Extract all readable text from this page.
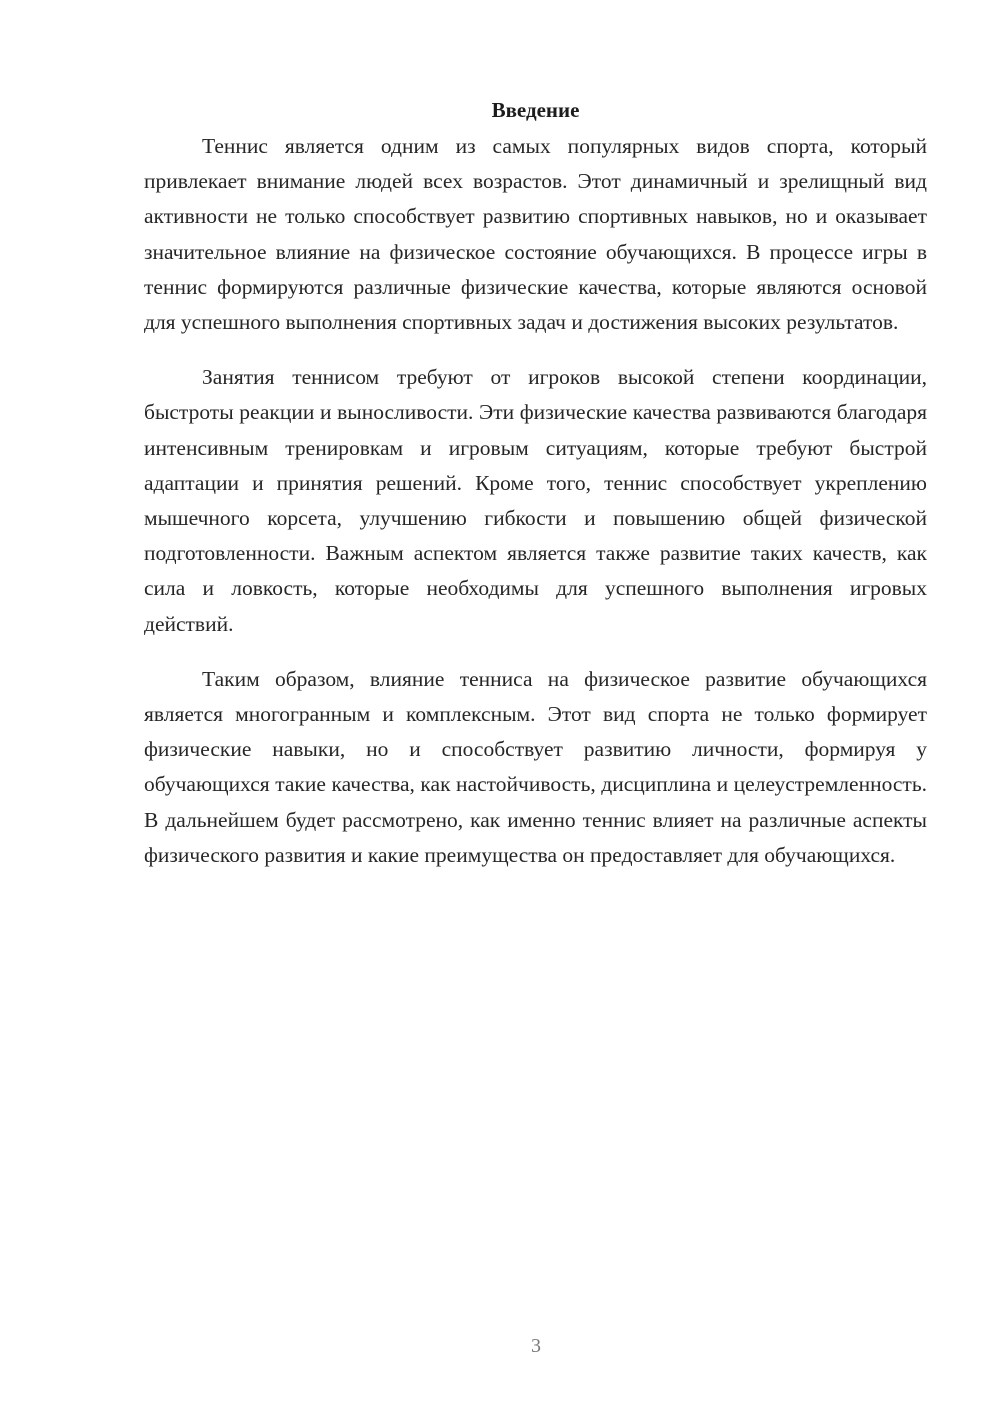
Введение

Теннис является одним из самых популярных видов спорта, который привлекает внимание людей всех возрастов. Этот динамичный и зрелищный вид активности не только способствует развитию спортивных навыков, но и оказывает значительное влияние на физическое состояние обучающихся. В процессе игры в теннис формируются различные физические качества, которые являются основой для успешного выполнения спортивных задач и достижения высоких результатов.

Занятия теннисом требуют от игроков высокой степени координации, быстроты реакции и выносливости. Эти физические качества развиваются благодаря интенсивным тренировкам и игровым ситуациям, которые требуют быстрой адаптации и принятия решений. Кроме того, теннис способствует укреплению мышечного корсета, улучшению гибкости и повышению общей физической подготовленности. Важным аспектом является также развитие таких качеств, как сила и ловкость, которые необходимы для успешного выполнения игровых действий.

Таким образом, влияние тенниса на физическое развитие обучающихся является многогранным и комплексным. Этот вид спорта не только формирует физические навыки, но и способствует развитию личности, формируя у обучающихся такие качества, как настойчивость, дисциплина и целеустремленность. В дальнейшем будет рассмотрено, как именно теннис влияет на различные аспекты физического развития и какие преимущества он предоставляет для обучающихся.

3
